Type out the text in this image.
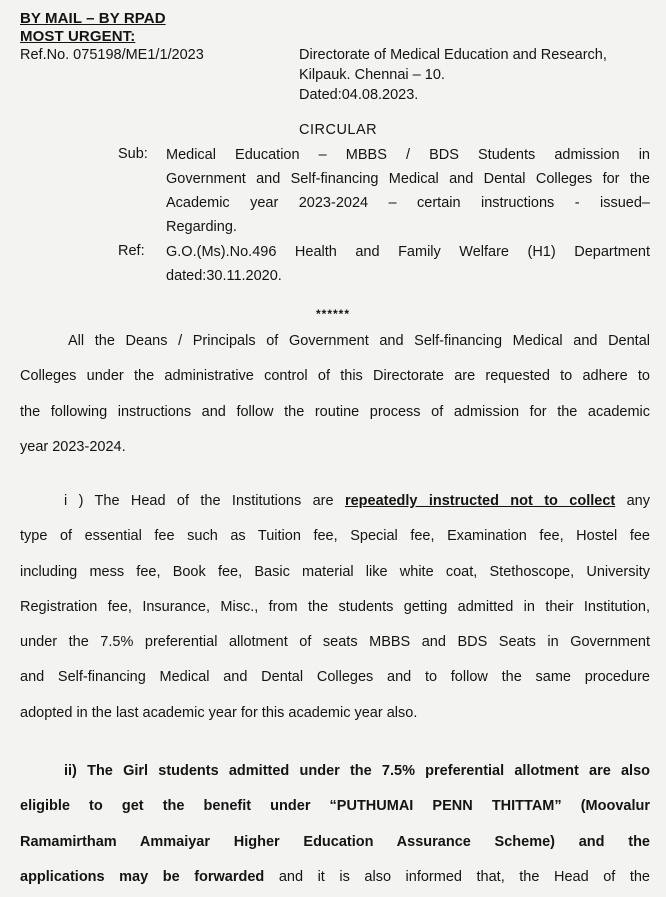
BY MAIL – BY RPAD
MOST URGENT:
Ref.No. 075198/ME1/1/2023	Directorate of Medical Education and Research,
Kilpauk. Chennai – 10.
Dated:04.08.2023.
CIRCULAR
Sub: Medical Education – MBBS / BDS Students admission in
Government and Self-financing Medical and Dental Colleges for the
Academic year 2023-2024 – certain instructions - issued–
Regarding.
Ref: G.O.(Ms).No.496 Health and Family Welfare (H1) Department
dated:30.11.2020.
******
All the Deans / Principals of Government and Self-financing Medical and Dental
Colleges under the administrative control of this Directorate are requested to adhere to
the following instructions and follow the routine process of admission for the academic
year 2023-2024.
i ) The Head of the Institutions are repeatedly instructed not to collect any
type of essential fee such as Tuition fee, Special fee, Examination fee, Hostel fee
including mess fee, Book fee, Basic material like white coat, Stethoscope, University
Registration fee, Insurance, Misc., from the students getting admitted in their Institution,
under the 7.5% preferential allotment of seats MBBS and BDS Seats in Government
and Self-financing Medical and Dental Colleges and to follow the same procedure
adopted in the last academic year for this academic year also.
ii) The Girl students admitted under the 7.5% preferential allotment are also
eligible to get the benefit under “PUTHUMAI PENN THITTAM” (Moovalur
Ramamirtham Ammaiyar Higher Education Assurance Scheme) and the
applications may be forwarded and it is also informed that, the Head of the
